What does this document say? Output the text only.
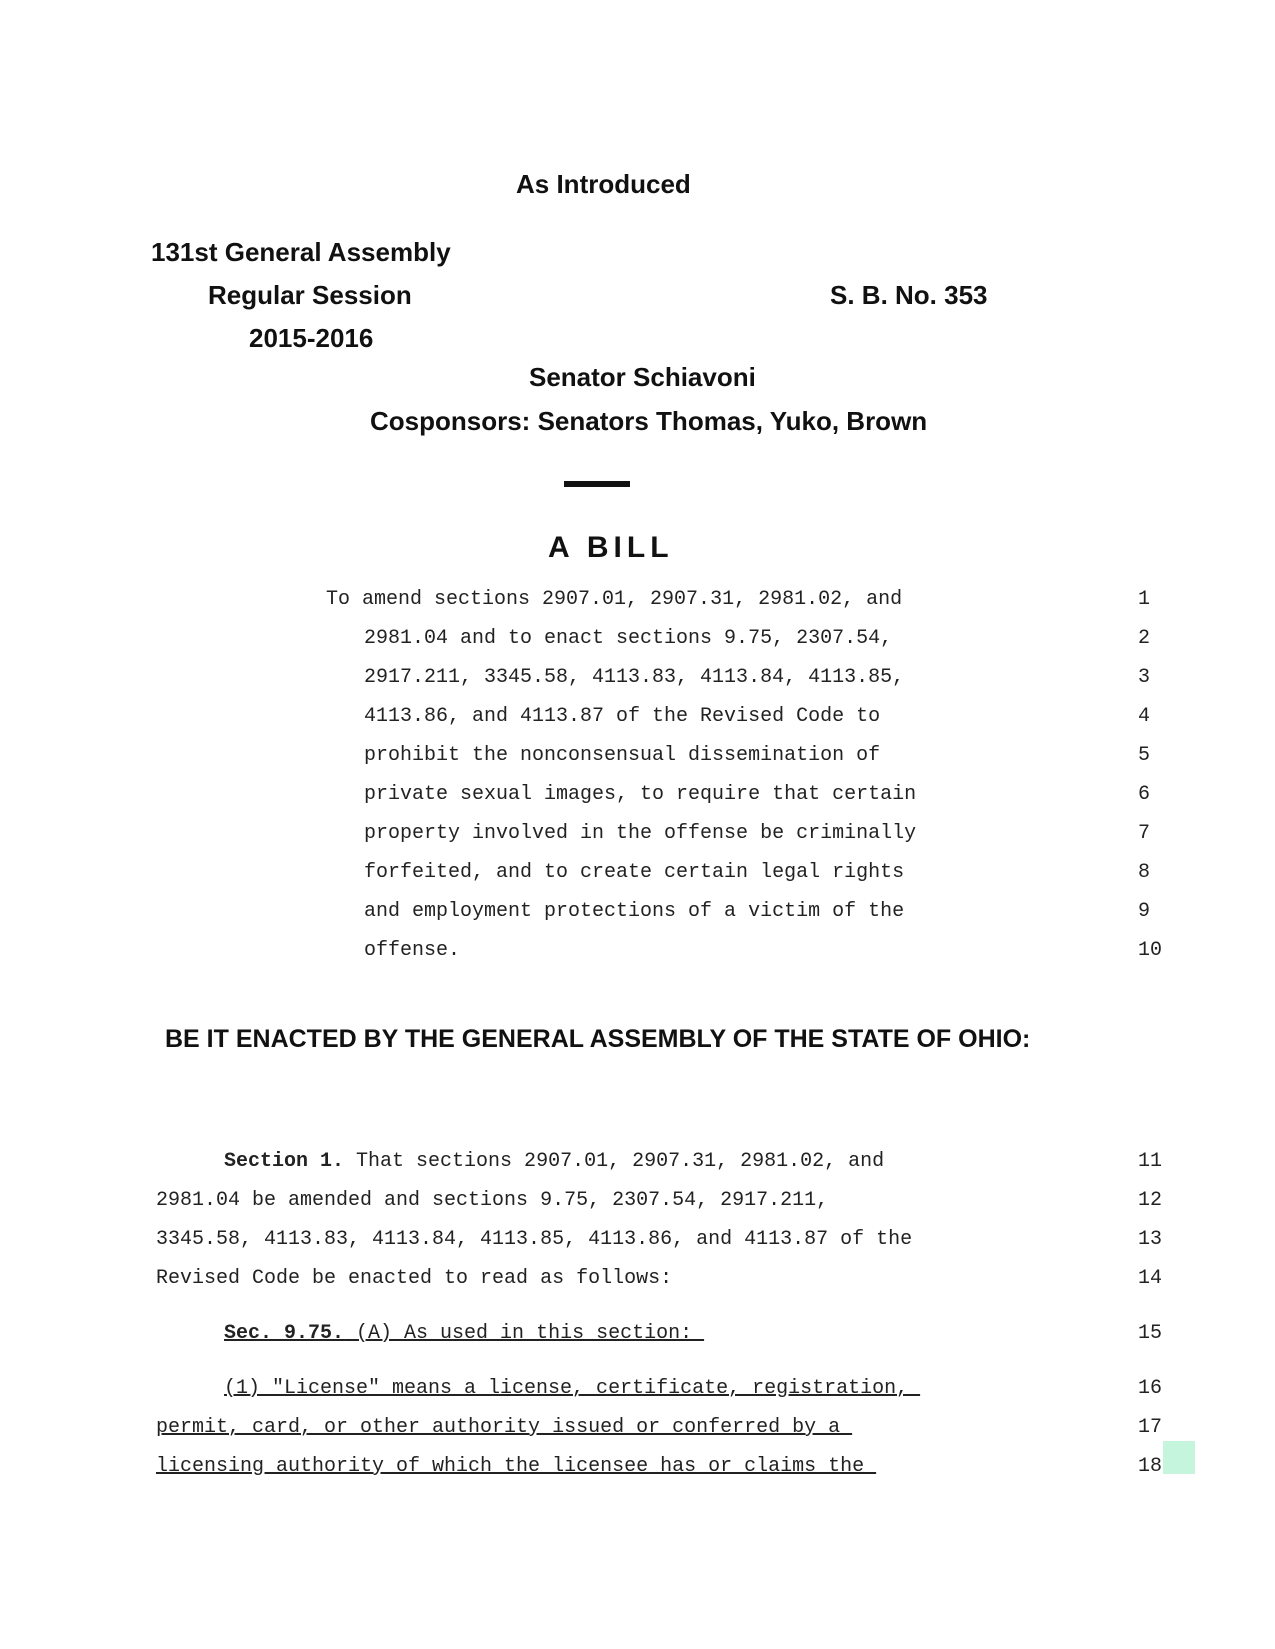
As Introduced
131st General Assembly
Regular Session
2015-2016
S. B. No. 353
Senator Schiavoni
Cosponsors: Senators Thomas, Yuko, Brown
A BILL
To amend sections 2907.01, 2907.31, 2981.02, and	1
2981.04 and to enact sections 9.75, 2307.54,	2
2917.211, 3345.58, 4113.83, 4113.84, 4113.85,	3
4113.86, and 4113.87 of the Revised Code to	4
prohibit the nonconsensual dissemination of	5
private sexual images, to require that certain	6
property involved in the offense be criminally	7
forfeited, and to create certain legal rights	8
and employment protections of a victim of the	9
offense.	10
BE IT ENACTED BY THE GENERAL ASSEMBLY OF THE STATE OF OHIO:
Section 1. That sections 2907.01, 2907.31, 2981.02, and	11
2981.04 be amended and sections 9.75, 2307.54, 2917.211,	12
3345.58, 4113.83, 4113.84, 4113.85, 4113.86, and 4113.87 of the	13
Revised Code be enacted to read as follows:	14
Sec. 9.75. (A) As used in this section:	15
(1) "License" means a license, certificate, registration,	16
permit, card, or other authority issued or conferred by a	17
licensing authority of which the licensee has or claims the	18
